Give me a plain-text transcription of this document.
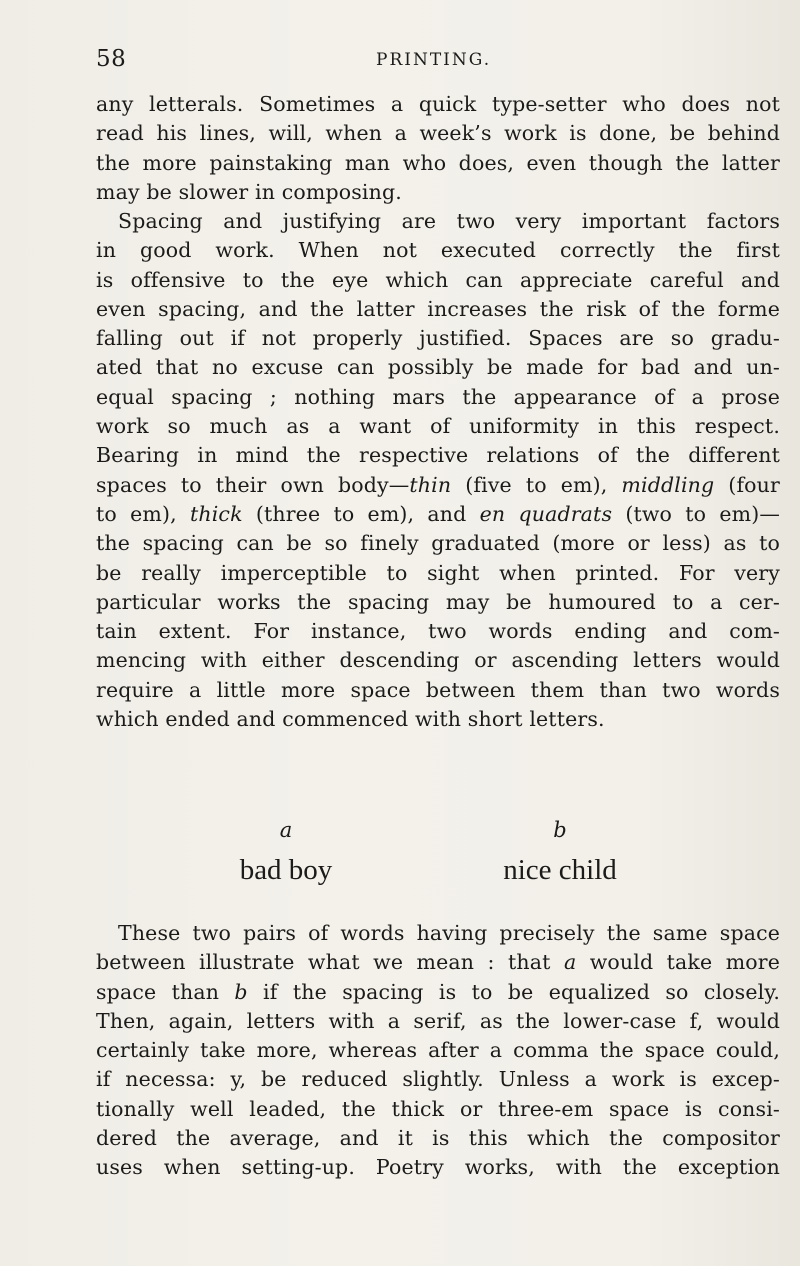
58	PRINTING.
any letterals. Sometimes a quick type-setter who does not
read his lines, will, when a week’s work is done, be behind
the more painstaking man who does, even though the latter
may be slower in composing.
Spacing and justifying are two very important factors
in good work. When not executed correctly the first
is offensive to the eye which can appreciate careful and
even spacing, and the latter increases the risk of the forme
falling out if not properly justified. Spaces are so gradu-
ated that no excuse can possibly be made for bad and un-
equal spacing ; nothing mars the appearance of a prose
work so much as a want of uniformity in this respect.
Bearing in mind the respective relations of the different
spaces to their own body—thin (five to em), middling (four
to em), thick (three to em), and en quadrats (two to em)—
the spacing can be so finely graduated (more or less) as to
be really imperceptible to sight when printed. For very
particular works the spacing may be humoured to a cer-
tain extent. For instance, two words ending and com-
mencing with either descending or ascending letters would
require a little more space between them than two words
which ended and commenced with short letters.
a
bad boy
b
nice child
These two pairs of words having precisely the same space
between illustrate what we mean : that a would take more
space than b if the spacing is to be equalized so closely.
Then, again, letters with a serif, as the lower-case f, would
certainly take more, whereas after a comma the space could,
if necessa: y, be reduced slightly. Unless a work is excep-
tionally well leaded, the thick or three-em space is consi-
dered the average, and it is this which the compositor
uses when setting-up. Poetry works, with the exception
